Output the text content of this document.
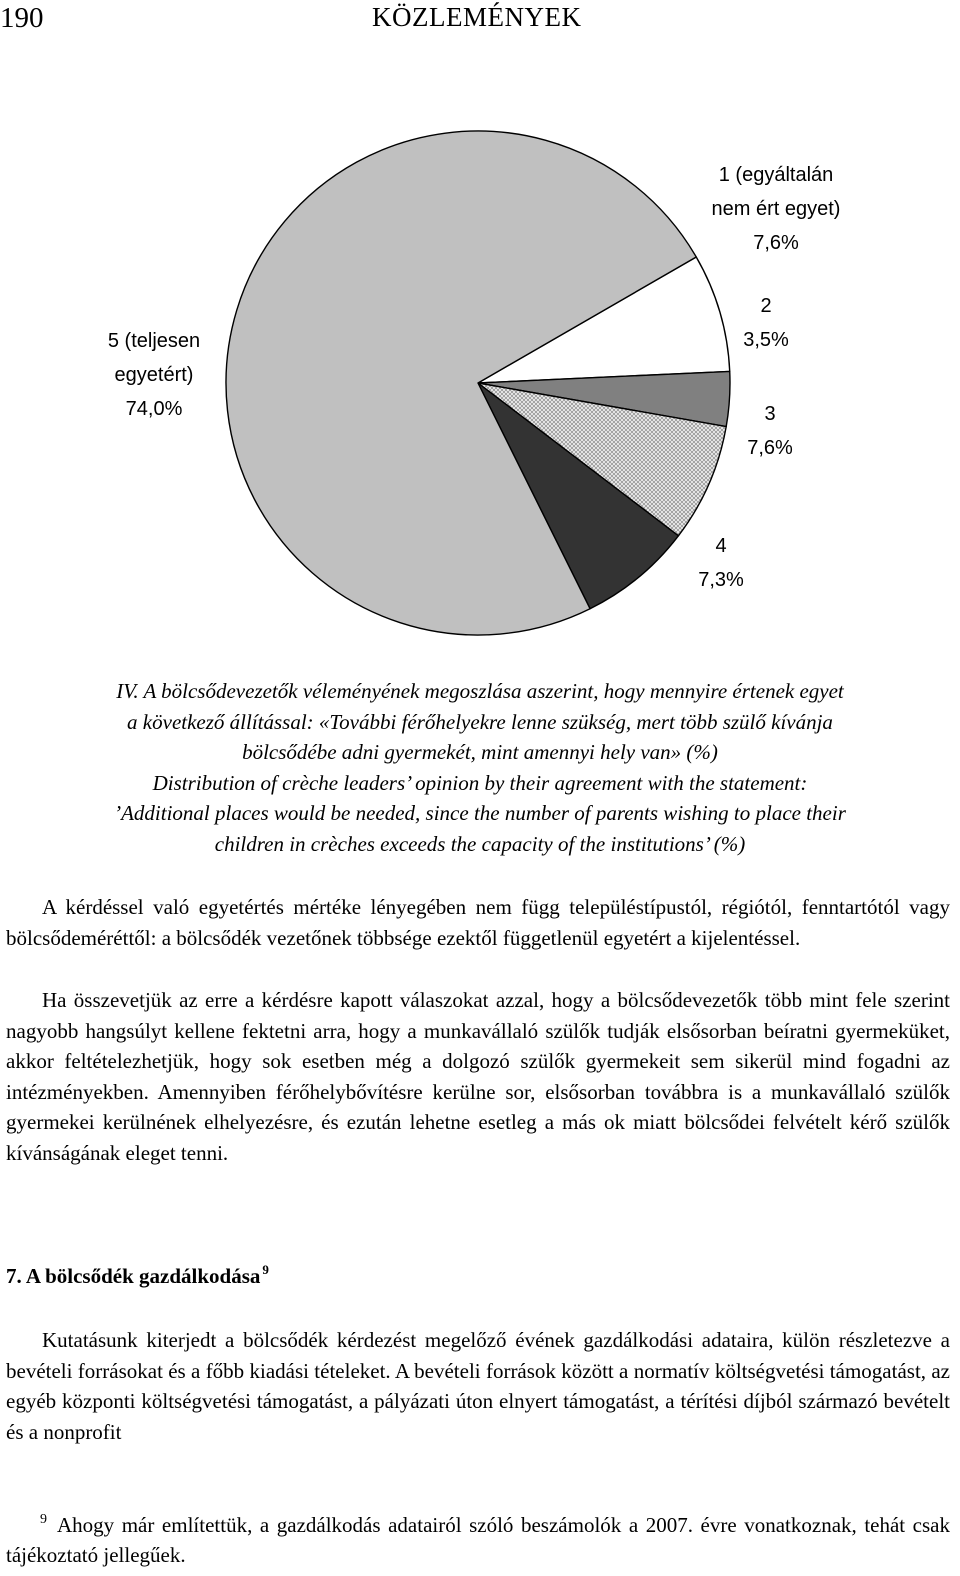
190	KÖZLEMÉNYEK
1 (egyáltalán nem ért egyet) 7,6%
2 3,5%
3 7,6%
4 7,3%
5 (teljesen egyetért) 74,0%
IV. A bölcsődevezetők véleményének megoszlása aszerint, hogy mennyire értenek egyet
a következő állítással: «További férőhelyekre lenne szükség, mert több szülő kívánja
bölcsődébe adni gyermekét, mint amennyi hely van» (%)
Distribution of crèche leaders’ opinion by their agreement with the statement:
’Additional places would be needed, since the number of parents wishing to place their
children in crèches exceeds the capacity of the institutions’ (%)

A kérdéssel való egyetértés mértéke lényegében nem függ településtípustól, régiótól, fenntartótól vagy bölcsődeméréttől: a bölcsődék vezetőnek többsége ezektől függetlenül egyetért a kijelentéssel.

Ha összevetjük az erre a kérdésre kapott válaszokat azzal, hogy a bölcsődevezetők több mint fele szerint nagyobb hangsúlyt kellene fektetni arra, hogy a munkavállaló szülők tudják elsősorban beíratni gyermeküket, akkor feltételezhetjük, hogy sok esetben még a dolgozó szülők gyermekeit sem sikerül mind fogadni az intézményekben. Amennyiben férőhelybővítésre kerülne sor, elsősorban továbbra is a munkavállaló szülők gyermekei kerülnének elhelyezésre, és ezután lehetne esetleg a más ok miatt bölcsődei felvételt kérő szülők kívánságának eleget tenni.

7. A bölcsődék gazdálkodása $^9$

Kutatásunk kiterjedt a bölcsődék kérdezést megelőző évének gazdálkodási adataira, külön részletezve a bevételi forrásokat és a főbb kiadási tételeket. A bevételi források között a normatív költségvetési támogatást, az egyéb központi költségvetési támogatást, a pályázati úton elnyert támogatást, a térítési díjból származó bevételt és a nonprofit

$^9$ Ahogy már említettük, a gazdálkodás adatairól szóló beszámolók a 2007. évre vonatkoznak, tehát csak tájékoztató jellegűek.
